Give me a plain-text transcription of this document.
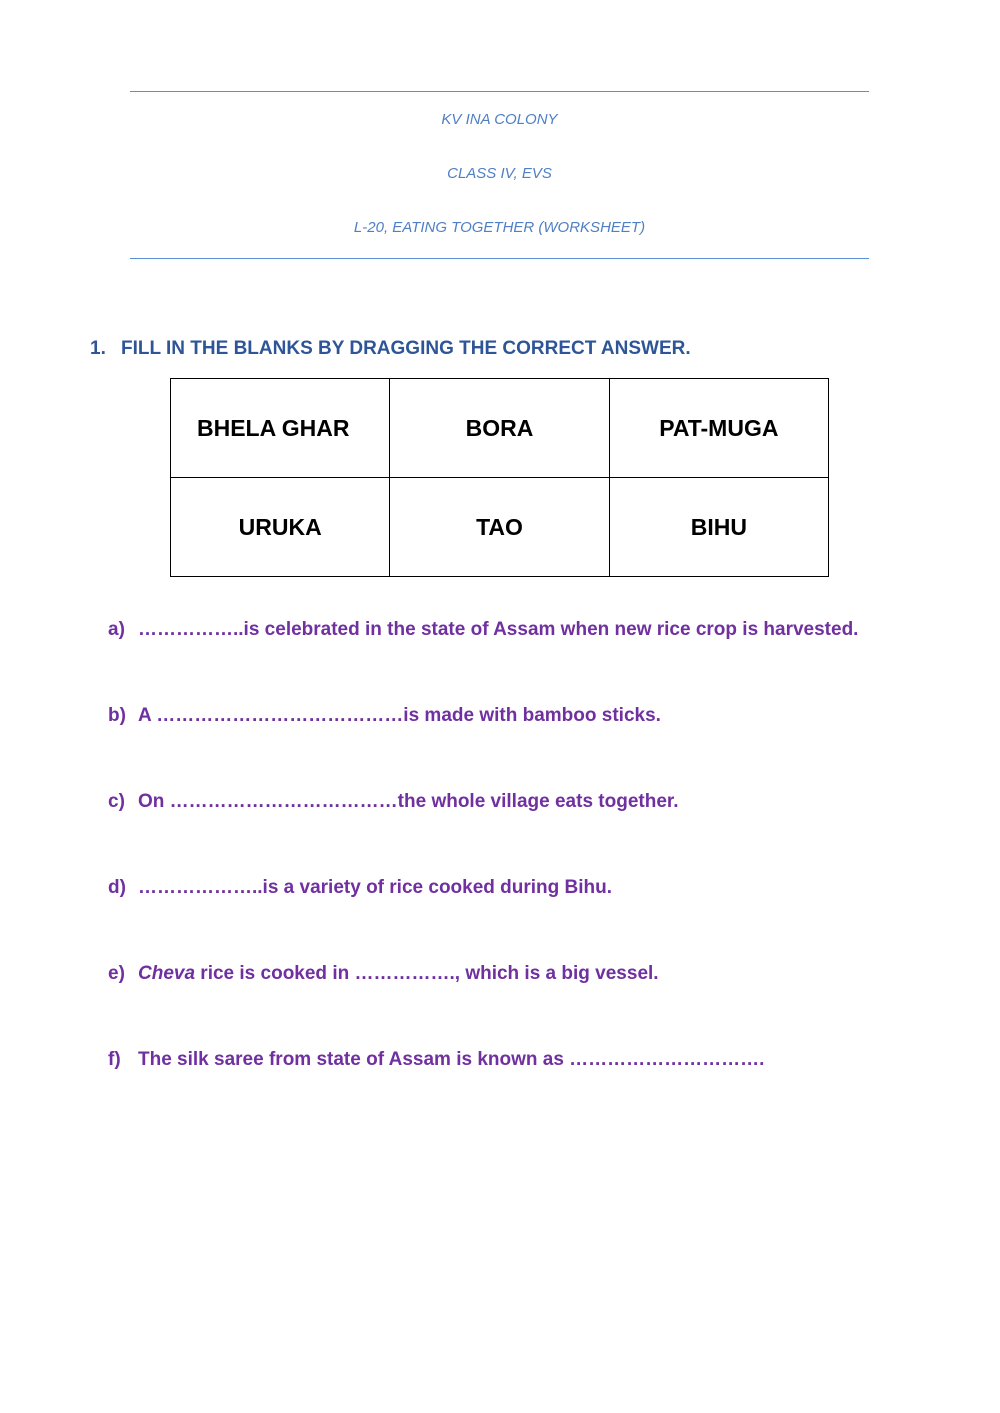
KV INA COLONY
CLASS IV, EVS
L-20, EATING TOGETHER (WORKSHEET)
1. FILL IN THE BLANKS BY DRAGGING THE CORRECT ANSWER.
BHELA GHAR	BORA	PAT-MUGA
URUKA	TAO	BIHU
a) ……………..is celebrated in the state of Assam when new rice crop is harvested.
b) A …………………………………is made with bamboo sticks.
c) On ………………………………the whole village eats together.
d) ………………..is a variety of rice cooked during Bihu.
e) Cheva rice is cooked in ……………., which is a big vessel.
f) The silk saree from state of Assam is known as ………………………….
